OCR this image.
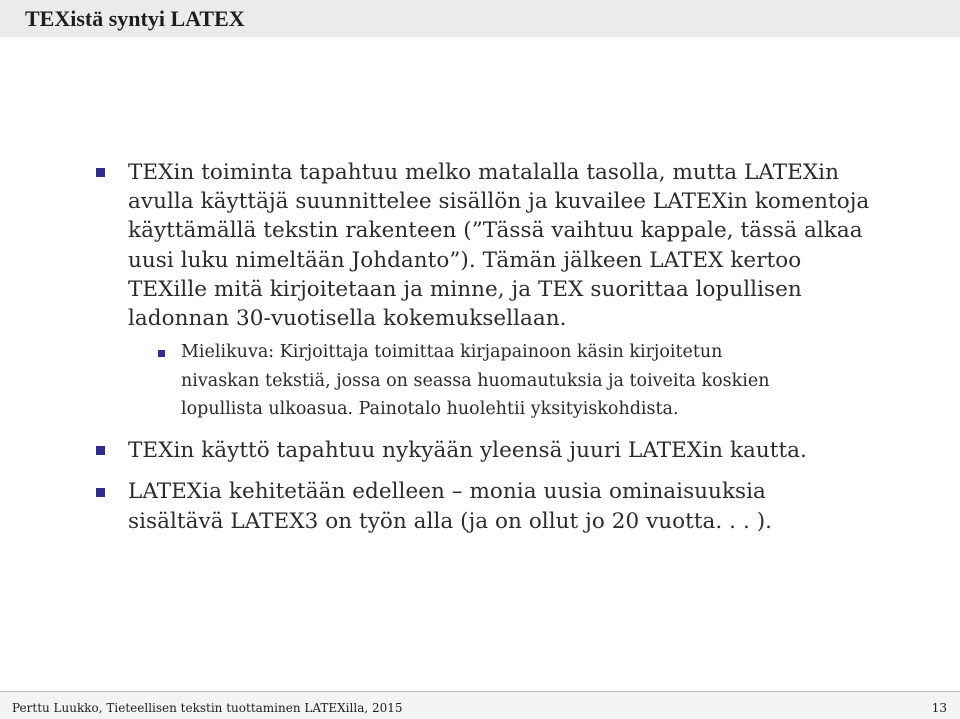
TEXistä syntyi LATEX
TEXin toiminta tapahtuu melko matalalla tasolla, mutta LATEXin
avulla käyttäjä suunnittelee sisällön ja kuvailee LATEXin komentoja
käyttämällä tekstin rakenteen (”Tässä vaihtuu kappale, tässä alkaa
uusi luku nimeltään Johdanto”). Tämän jälkeen LATEX kertoo
TEXille mitä kirjoitetaan ja minne, ja TEX suorittaa lopullisen
ladonnan 30-vuotisella kokemuksellaan.
Mielikuva: Kirjoittaja toimittaa kirjapainoon käsin kirjoitetun
nivaskan tekstiä, jossa on seassa huomautuksia ja toiveita koskien
lopullista ulkoasua. Painotalo huolehtii yksityiskohdista.
TEXin käyttö tapahtuu nykyään yleensä juuri LATEXin kautta.
LATEXia kehitetään edelleen – monia uusia ominaisuuksia
sisältävä LATEX3 on työn alla (ja on ollut jo 20 vuotta. . . ).
Perttu Luukko, Tieteellisen tekstin tuottaminen LATEXilla, 2015	13
